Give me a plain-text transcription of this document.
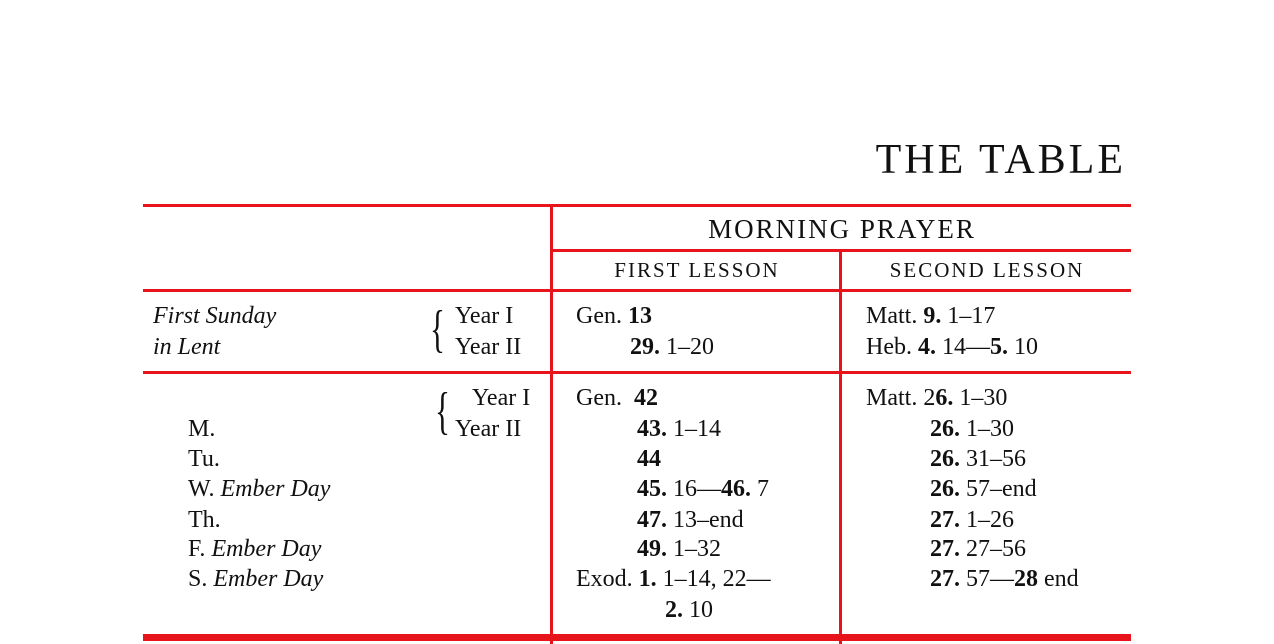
THE TABLE
MORNING PRAYER
FIRST LESSON	SECOND LESSON
First Sunday
in Lent	{ Year I
Year II
Gen. 13
29. 1–20
Matt. 9. 1–17
Heb. 4. 14—5. 10
{ Year I
Year II
M.
Tu.
W. Ember Day
Th.
F. Ember Day
S. Ember Day
Gen.  42
43. 1–14
44
45. 16—46. 7
47. 13–end
49. 1–32
Exod. 1. 1–14, 22—
2. 10
Matt. 26. 1–30
26. 1–30
26. 31–56
26. 57–end
27. 1–26
27. 27–56
27. 57—28 end
